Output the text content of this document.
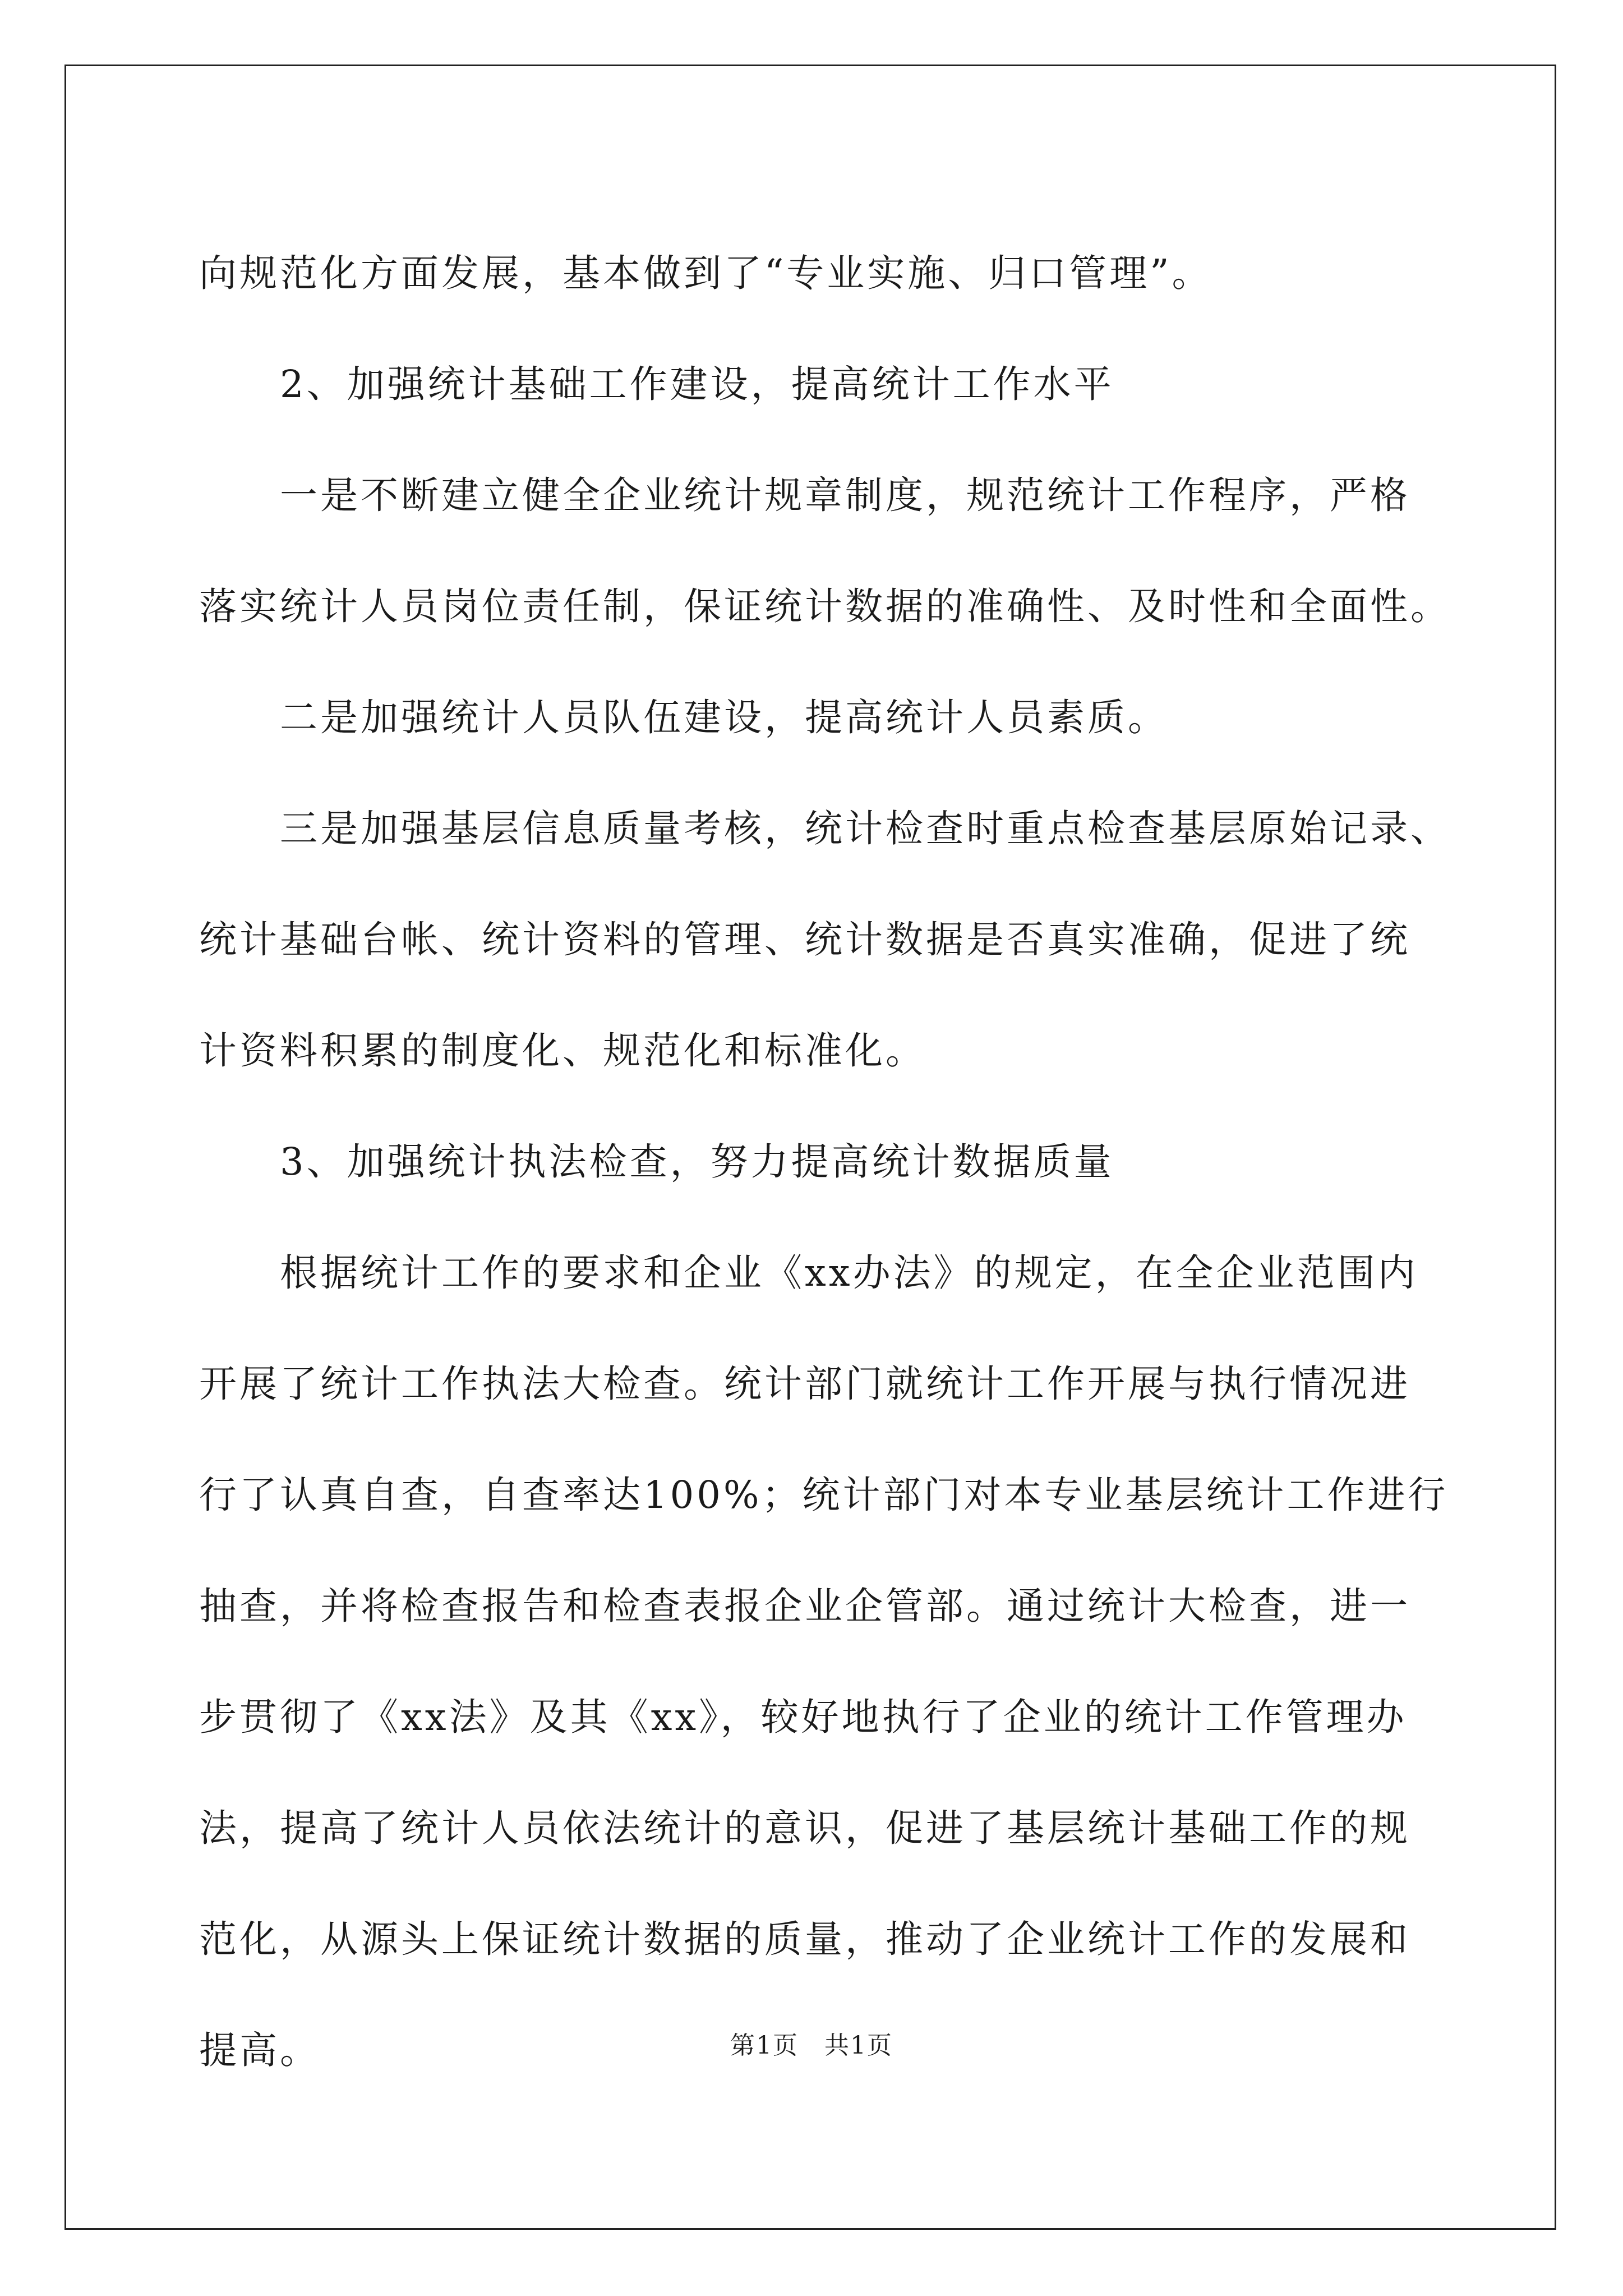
向规范化方面发展，基本做到了“专业实施、归口管理”。

2、加强统计基础工作建设，提高统计工作水平

一是不断建立健全企业统计规章制度，规范统计工作程序，严格

落实统计人员岗位责任制，保证统计数据的准确性、及时性和全面性。

二是加强统计人员队伍建设，提高统计人员素质。

三是加强基层信息质量考核，统计检查时重点检查基层原始记录、

统计基础台帐、统计资料的管理、统计数据是否真实准确，促进了统

计资料积累的制度化、规范化和标准化。

3、加强统计执法检查，努力提高统计数据质量

根据统计工作的要求和企业《xx办法》的规定，在全企业范围内

开展了统计工作执法大检查。统计部门就统计工作开展与执行情况进

行了认真自查，自查率达100%；统计部门对本专业基层统计工作进行

抽查，并将检查报告和检查表报企业企管部。通过统计大检查，进一

步贯彻了《xx法》及其《xx》，较好地执行了企业的统计工作管理办

法，提高了统计人员依法统计的意识，促进了基层统计基础工作的规

范化，从源头上保证统计数据的质量，推动了企业统计工作的发展和

提高。	第1页　共1页
